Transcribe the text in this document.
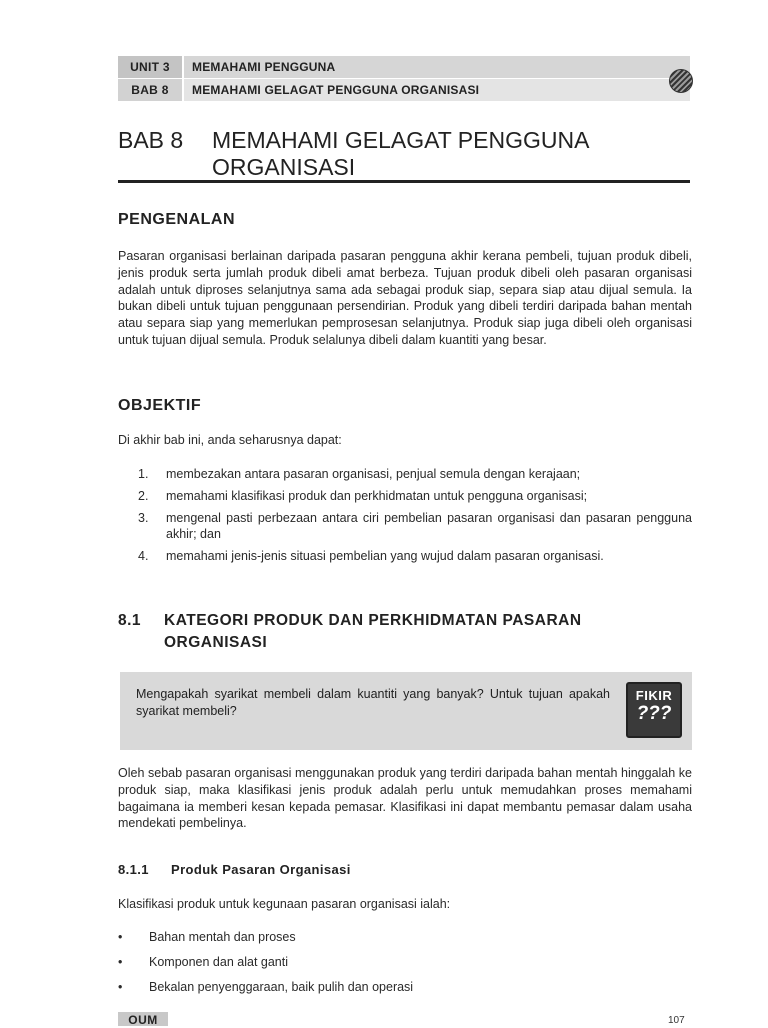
UNIT 3	MEMAHAMI PENGGUNA
BAB 8	MEMAHAMI GELAGAT PENGGUNA ORGANISASI
BAB 8 MEMAHAMI GELAGAT PENGGUNA
ORGANISASI
PENGENALAN
Pasaran organisasi berlainan daripada pasaran pengguna akhir kerana pembeli, tujuan produk dibeli, jenis produk serta jumlah produk dibeli amat berbeza. Tujuan produk dibeli oleh pasaran organisasi adalah untuk diproses selanjutnya sama ada sebagai produk siap, separa siap atau dijual semula. Ia bukan dibeli untuk tujuan penggunaan persendirian. Produk yang dibeli terdiri daripada bahan mentah atau separa siap yang memerlukan pemprosesan selanjutnya. Produk siap juga dibeli oleh organisasi untuk tujuan dijual semula. Produk selalunya dibeli dalam kuantiti yang besar.
OBJEKTIF
Di akhir bab ini, anda seharusnya dapat:
1.	membezakan antara pasaran organisasi, penjual semula dengan kerajaan;
2.	memahami klasifikasi produk dan perkhidmatan untuk pengguna organisasi;
3.	mengenal pasti perbezaan antara ciri pembelian pasaran organisasi dan pasaran pengguna akhir; dan
4.	memahami jenis-jenis situasi pembelian yang wujud dalam pasaran organisasi.
8.1 KATEGORI PRODUK DAN PERKHIDMATAN PASARAN
ORGANISASI
Mengapakah syarikat membeli dalam kuantiti yang banyak? Untuk tujuan apakah syarikat membeli?
FIKIR
???
Oleh sebab pasaran organisasi menggunakan produk yang terdiri daripada bahan mentah hinggalah ke produk siap, maka klasifikasi jenis produk adalah perlu untuk memudahkan proses memahami bagaimana ia memberi kesan kepada pemasar. Klasifikasi ini dapat membantu pemasar dalam usaha mendekati pembelinya.
8.1.1 Produk Pasaran Organisasi
Klasifikasi produk untuk kegunaan pasaran organisasi ialah:
•	Bahan mentah dan proses
•	Komponen dan alat ganti
•	Bekalan penyenggaraan, baik pulih dan operasi
OUM	107
